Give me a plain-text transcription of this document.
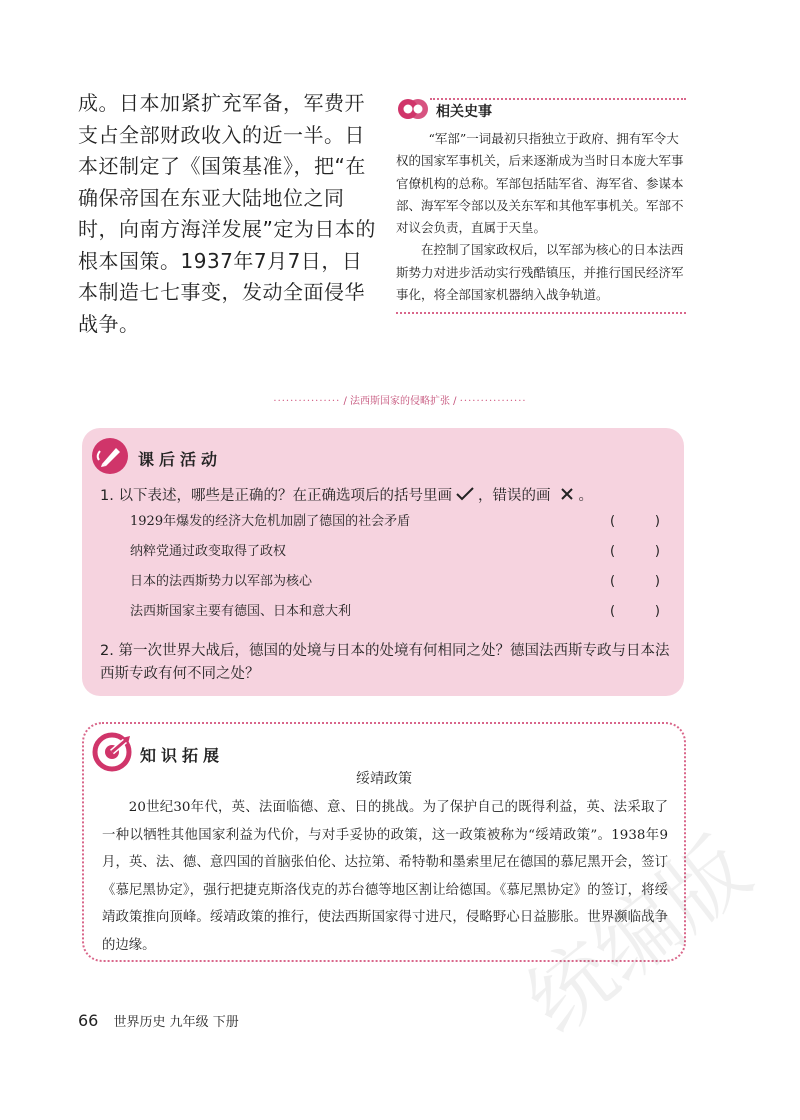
成。日本加紧扩充军备，军费开支占全部财政收入的近一半。日本还制定了《国策基准》，把“在确保帝国在东亚大陆地位之同时，向南方海洋发展”定为日本的根本国策。1937年7月7日，日本制造七七事变，发动全面侵华战争。

相关史事

“军部”一词最初只指独立于政府、拥有军令大权的国家军事机关，后来逐渐成为当时日本庞大军事官僚机构的总称。军部包括陆军省、海军省、参谋本部、海军军令部以及关东军和其他军事机关。军部不对议会负责，直属于天皇。

在控制了国家政权后，以军部为核心的日本法西斯势力对进步活动实行残酷镇压，并推行国民经济军事化，将全部国家机器纳入战争轨道。

················ / 法西斯国家的侵略扩张 / ················
课后活动
1. 以下表述，哪些是正确的？在正确选项后的括号里画 ，错误的画 。
1929年爆发的经济大危机加剧了德国的社会矛盾	(	)
纳粹党通过政变取得了政权	(	)
日本的法西斯势力以军部为核心	(	)
法西斯国家主要有德国、日本和意大利	(	)
2. 第一次世界大战后，德国的处境与日本的处境有何相同之处？德国法西斯专政与日本法西斯专政有何不同之处？
知识拓展
绥靖政策

20世纪30年代，英、法面临德、意、日的挑战。为了保护自己的既得利益，英、法采取了一种以牺牲其他国家利益为代价，与对手妥协的政策，这一政策被称为“绥靖政策”。1938年9月，英、法、德、意四国的首脑张伯伦、达拉第、希特勒和墨索里尼在德国的慕尼黑开会，签订《慕尼黑协定》，强行把捷克斯洛伐克的苏台德等地区割让给德国。《慕尼黑协定》的签订，将绥靖政策推向顶峰。绥靖政策的推行，使法西斯国家得寸进尺，侵略野心日益膨胀。世界濒临战争的边缘。	统编版
66 世界历史 九年级 下册
